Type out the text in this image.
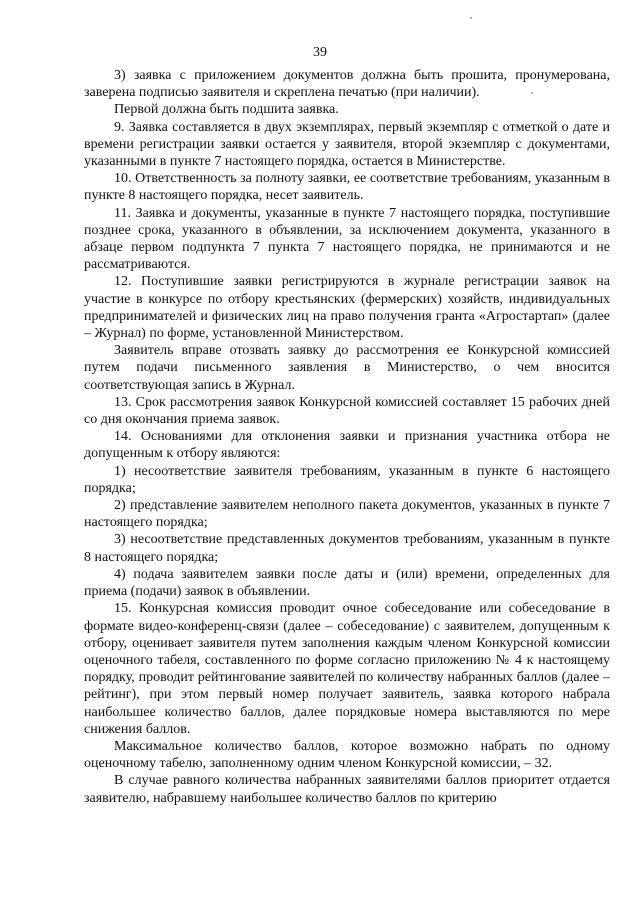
39

3) заявка с приложением документов должна быть прошита, пронумерована, заверена подписью заявителя и скреплена печатью (при наличии).

Первой должна быть подшита заявка.

9. Заявка составляется в двух экземплярах, первый экземпляр с отметкой о дате и времени регистрации заявки остается у заявителя, второй экземпляр с документами, указанными в пункте 7 настоящего порядка, остается в Министерстве.

10. Ответственность за полноту заявки, ее соответствие требованиям, указанным в пункте 8 настоящего порядка, несет заявитель.

11. Заявка и документы, указанные в пункте 7 настоящего порядка, поступившие позднее срока, указанного в объявлении, за исключением документа, указанного в абзаце первом подпункта 7 пункта 7 настоящего порядка, не принимаются и не рассматриваются.

12. Поступившие заявки регистрируются в журнале регистрации заявок на участие в конкурсе по отбору крестьянских (фермерских) хозяйств, индивидуальных предпринимателей и физических лиц на право получения гранта «Агростартап» (далее – Журнал) по форме, установленной Министерством.

Заявитель вправе отозвать заявку до рассмотрения ее Конкурсной комиссией путем подачи письменного заявления в Министерство, о чем вносится соответствующая запись в Журнал.

13. Срок рассмотрения заявок Конкурсной комиссией составляет 15 рабочих дней со дня окончания приема заявок.

14. Основаниями для отклонения заявки и признания участника отбора не допущенным к отбору являются:

1) несоответствие заявителя требованиям, указанным в пункте 6 настоящего порядка;

2) представление заявителем неполного пакета документов, указанных в пункте 7 настоящего порядка;

3) несоответствие представленных документов требованиям, указанным в пункте 8 настоящего порядка;

4) подача заявителем заявки после даты и (или) времени, определенных для приема (подачи) заявок в объявлении.

15. Конкурсная комиссия проводит очное собеседование или собеседование в формате видео-конференц-связи (далее – собеседование) с заявителем, допущенным к отбору, оценивает заявителя путем заполнения каждым членом Конкурсной комиссии оценочного табеля, составленного по форме согласно приложению № 4 к настоящему порядку, проводит рейтингование заявителей по количеству набранных баллов (далее – рейтинг), при этом первый номер получает заявитель, заявка которого набрала наибольшее количество баллов, далее порядковые номера выставляются по мере снижения баллов.

Максимальное количество баллов, которое возможно набрать по одному оценочному табелю, заполненному одним членом Конкурсной комиссии, – 32.

В случае равного количества набранных заявителями баллов приоритет отдается заявителю, набравшему наибольшее количество баллов по критерию
